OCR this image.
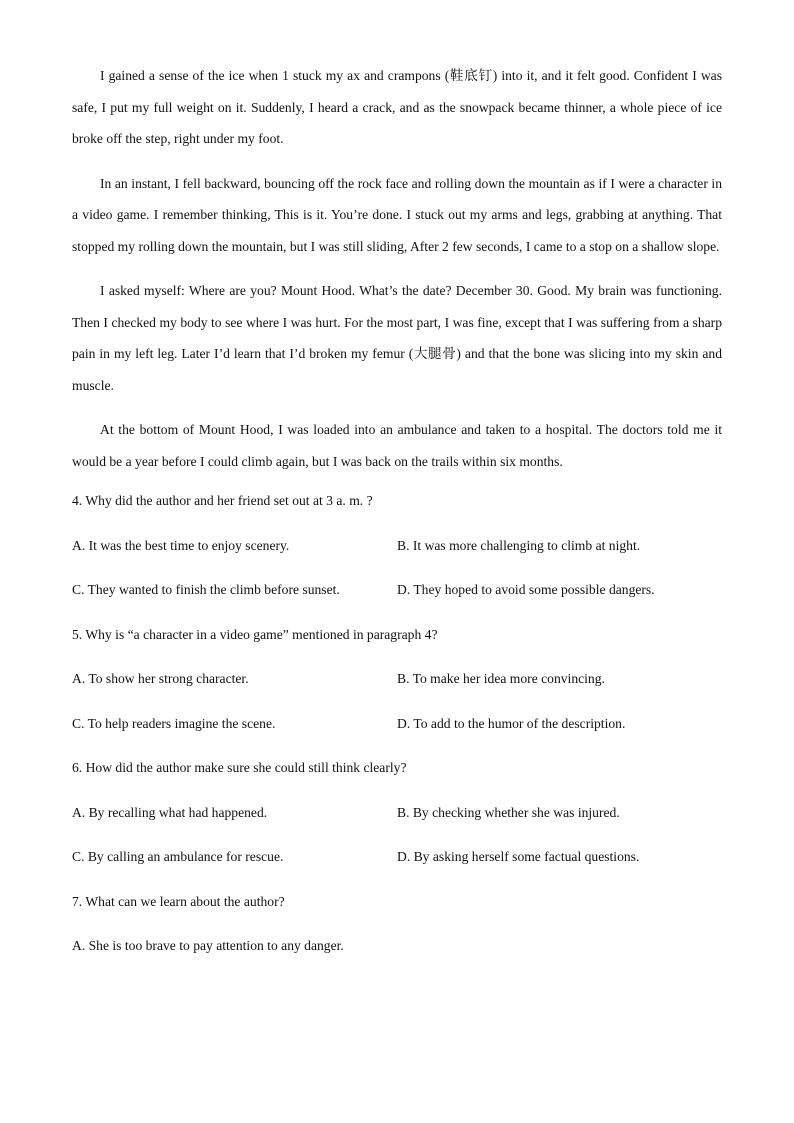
I gained a sense of the ice when 1 stuck my ax and crampons (鞋底钉) into it, and it felt good. Confident I was safe, I put my full weight on it. Suddenly, I heard a crack, and as the snowpack became thinner, a whole piece of ice broke off the step, right under my foot.

In an instant, I fell backward, bouncing off the rock face and rolling down the mountain as if I were a character in a video game. I remember thinking, This is it. You’re done. I stuck out my arms and legs, grabbing at anything. That stopped my rolling down the mountain, but I was still sliding, After 2 few seconds, I came to a stop on a shallow slope.

I asked myself: Where are you? Mount Hood. What’s the date? December 30. Good. My brain was functioning. Then I checked my body to see where I was hurt. For the most part, I was fine, except that I was suffering from a sharp pain in my left leg. Later I’d learn that I’d broken my femur (大腿骨) and that the bone was slicing into my skin and muscle.

At the bottom of Mount Hood, I was loaded into an ambulance and taken to a hospital. The doctors told me it would be a year before I could climb again, but I was back on the trails within six months.

4. Why did the author and her friend set out at 3 a. m. ?

A. It was the best time to enjoy scenery.	B. It was more challenging to climb at night.
C. They wanted to finish the climb before sunset.	D. They hoped to avoid some possible dangers.

5. Why is “a character in a video game” mentioned in paragraph 4?

A. To show her strong character.	B. To make her idea more convincing.
C. To help readers imagine the scene.	D. To add to the humor of the description.

6. How did the author make sure she could still think clearly?

A. By recalling what had happened.	B. By checking whether she was injured.
C. By calling an ambulance for rescue.	D. By asking herself some factual questions.

7. What can we learn about the author?

A. She is too brave to pay attention to any danger.
